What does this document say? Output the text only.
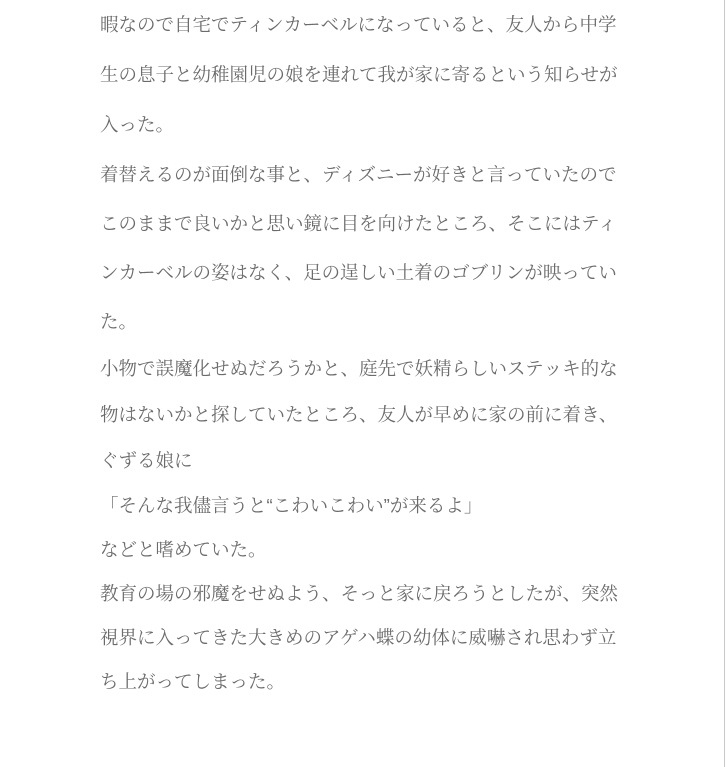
暇なので自宅でティンカーベルになっていると、友人から中学
生の息子と幼稚園児の娘を連れて我が家に寄るという知らせが
入った。

着替えるのが面倒な事と、ディズニーが好きと言っていたので
このままで良いかと思い鏡に目を向けたところ、そこにはティ
ンカーベルの姿はなく、足の逞しい土着のゴブリンが映ってい
た。

小物で誤魔化せぬだろうかと、庭先で妖精らしいステッキ的な
物はないかと探していたところ、友人が早めに家の前に着き、
ぐずる娘に

「そんな我儘言うと“こわいこわい”が来るよ」

などと嗜めていた。

教育の場の邪魔をせぬよう、そっと家に戻ろうとしたが、突然
視界に入ってきた大きめのアゲハ蝶の幼体に威嚇され思わず立
ち上がってしまった。
